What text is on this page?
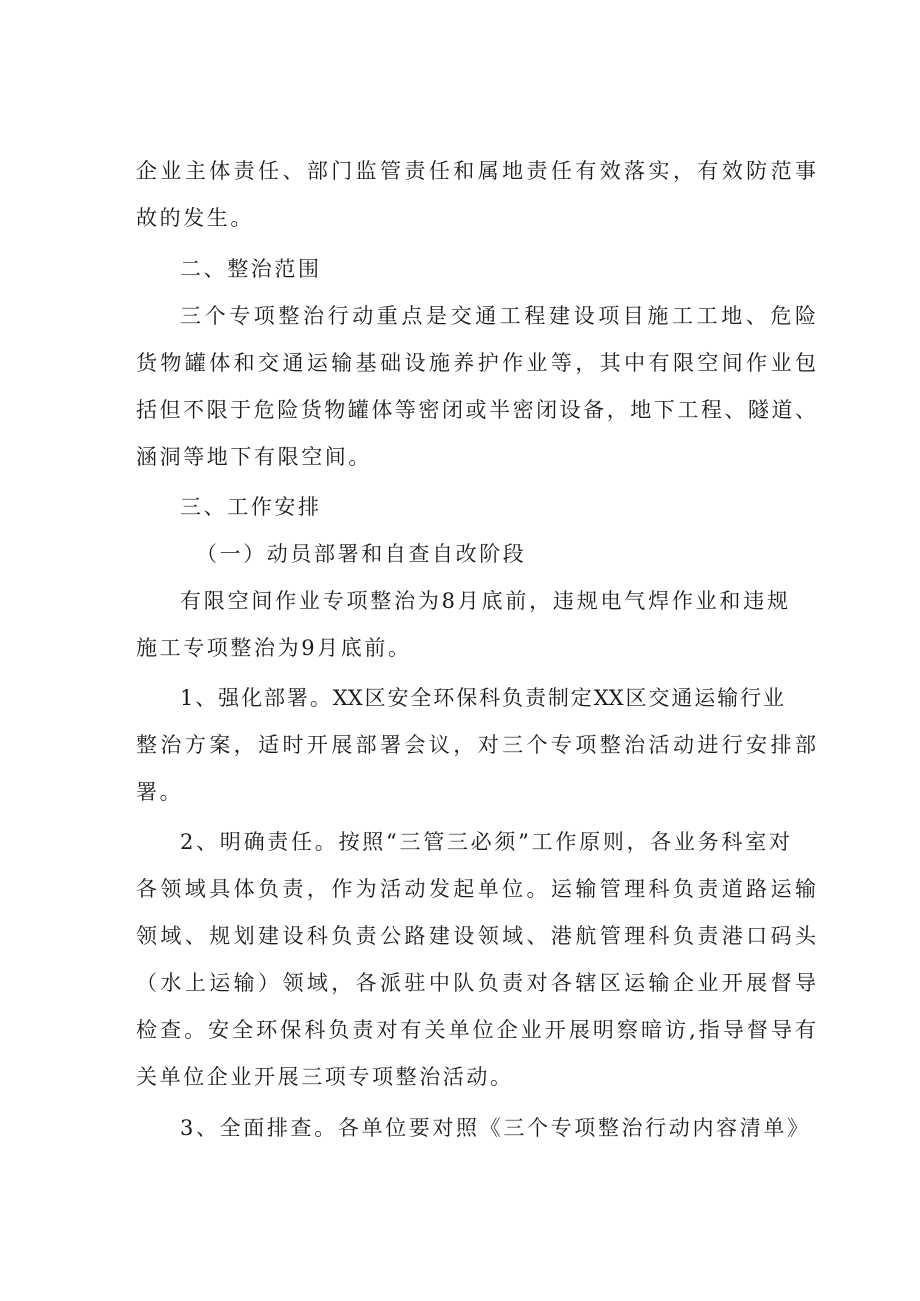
企业主体责任、部门监管责任和属地责任有效落实，有效防范事
故的发生。
二、整治范围
三个专项整治行动重点是交通工程建设项目施工工地、危险
货物罐体和交通运输基础设施养护作业等，其中有限空间作业包
括但不限于危险货物罐体等密闭或半密闭设备，地下工程、隧道、
涵洞等地下有限空间。
三、工作安排
（一）动员部署和自查自改阶段
有限空间作业专项整治为8月底前，违规电气焊作业和违规
施工专项整治为9月底前。
1、强化部署。XX区安全环保科负责制定XX区交通运输行业
整治方案，适时开展部署会议，对三个专项整治活动进行安排部
署。
2、明确责任。按照“三管三必须”工作原则，各业务科室对
各领域具体负责，作为活动发起单位。运输管理科负责道路运输
领域、规划建设科负责公路建设领域、港航管理科负责港口码头
（水上运输）领域，各派驻中队负责对各辖区运输企业开展督导
检查。安全环保科负责对有关单位企业开展明察暗访,指导督导有
关单位企业开展三项专项整治活动。
3、全面排查。各单位要对照《三个专项整治行动内容清单》
